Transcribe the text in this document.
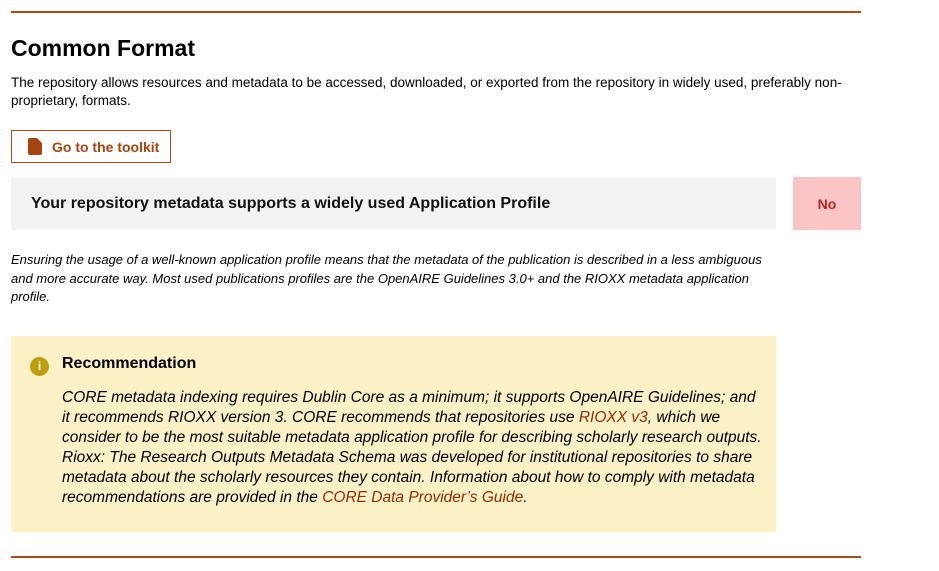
Common Format

The repository allows resources and metadata to be accessed, downloaded, or exported from the repository in widely used, preferably non-proprietary, formats.

Go to the toolkit
Your repository metadata supports a widely used Application Profile	No

Ensuring the usage of a well-known application profile means that the metadata of the publication is described in a less ambiguous and more accurate way. Most used publications profiles are the OpenAIRE Guidelines 3.0+ and the RIOXX metadata application profile.

i	Recommendation

CORE metadata indexing requires Dublin Core as a minimum; it supports OpenAIRE Guidelines; and it recommends RIOXX version 3. CORE recommends that repositories use RIOXX v3, which we consider to be the most suitable metadata application profile for describing scholarly research outputs. Rioxx: The Research Outputs Metadata Schema was developed for institutional repositories to share metadata about the scholarly resources they contain. Information about how to comply with metadata recommendations are provided in the CORE Data Provider’s Guide.
